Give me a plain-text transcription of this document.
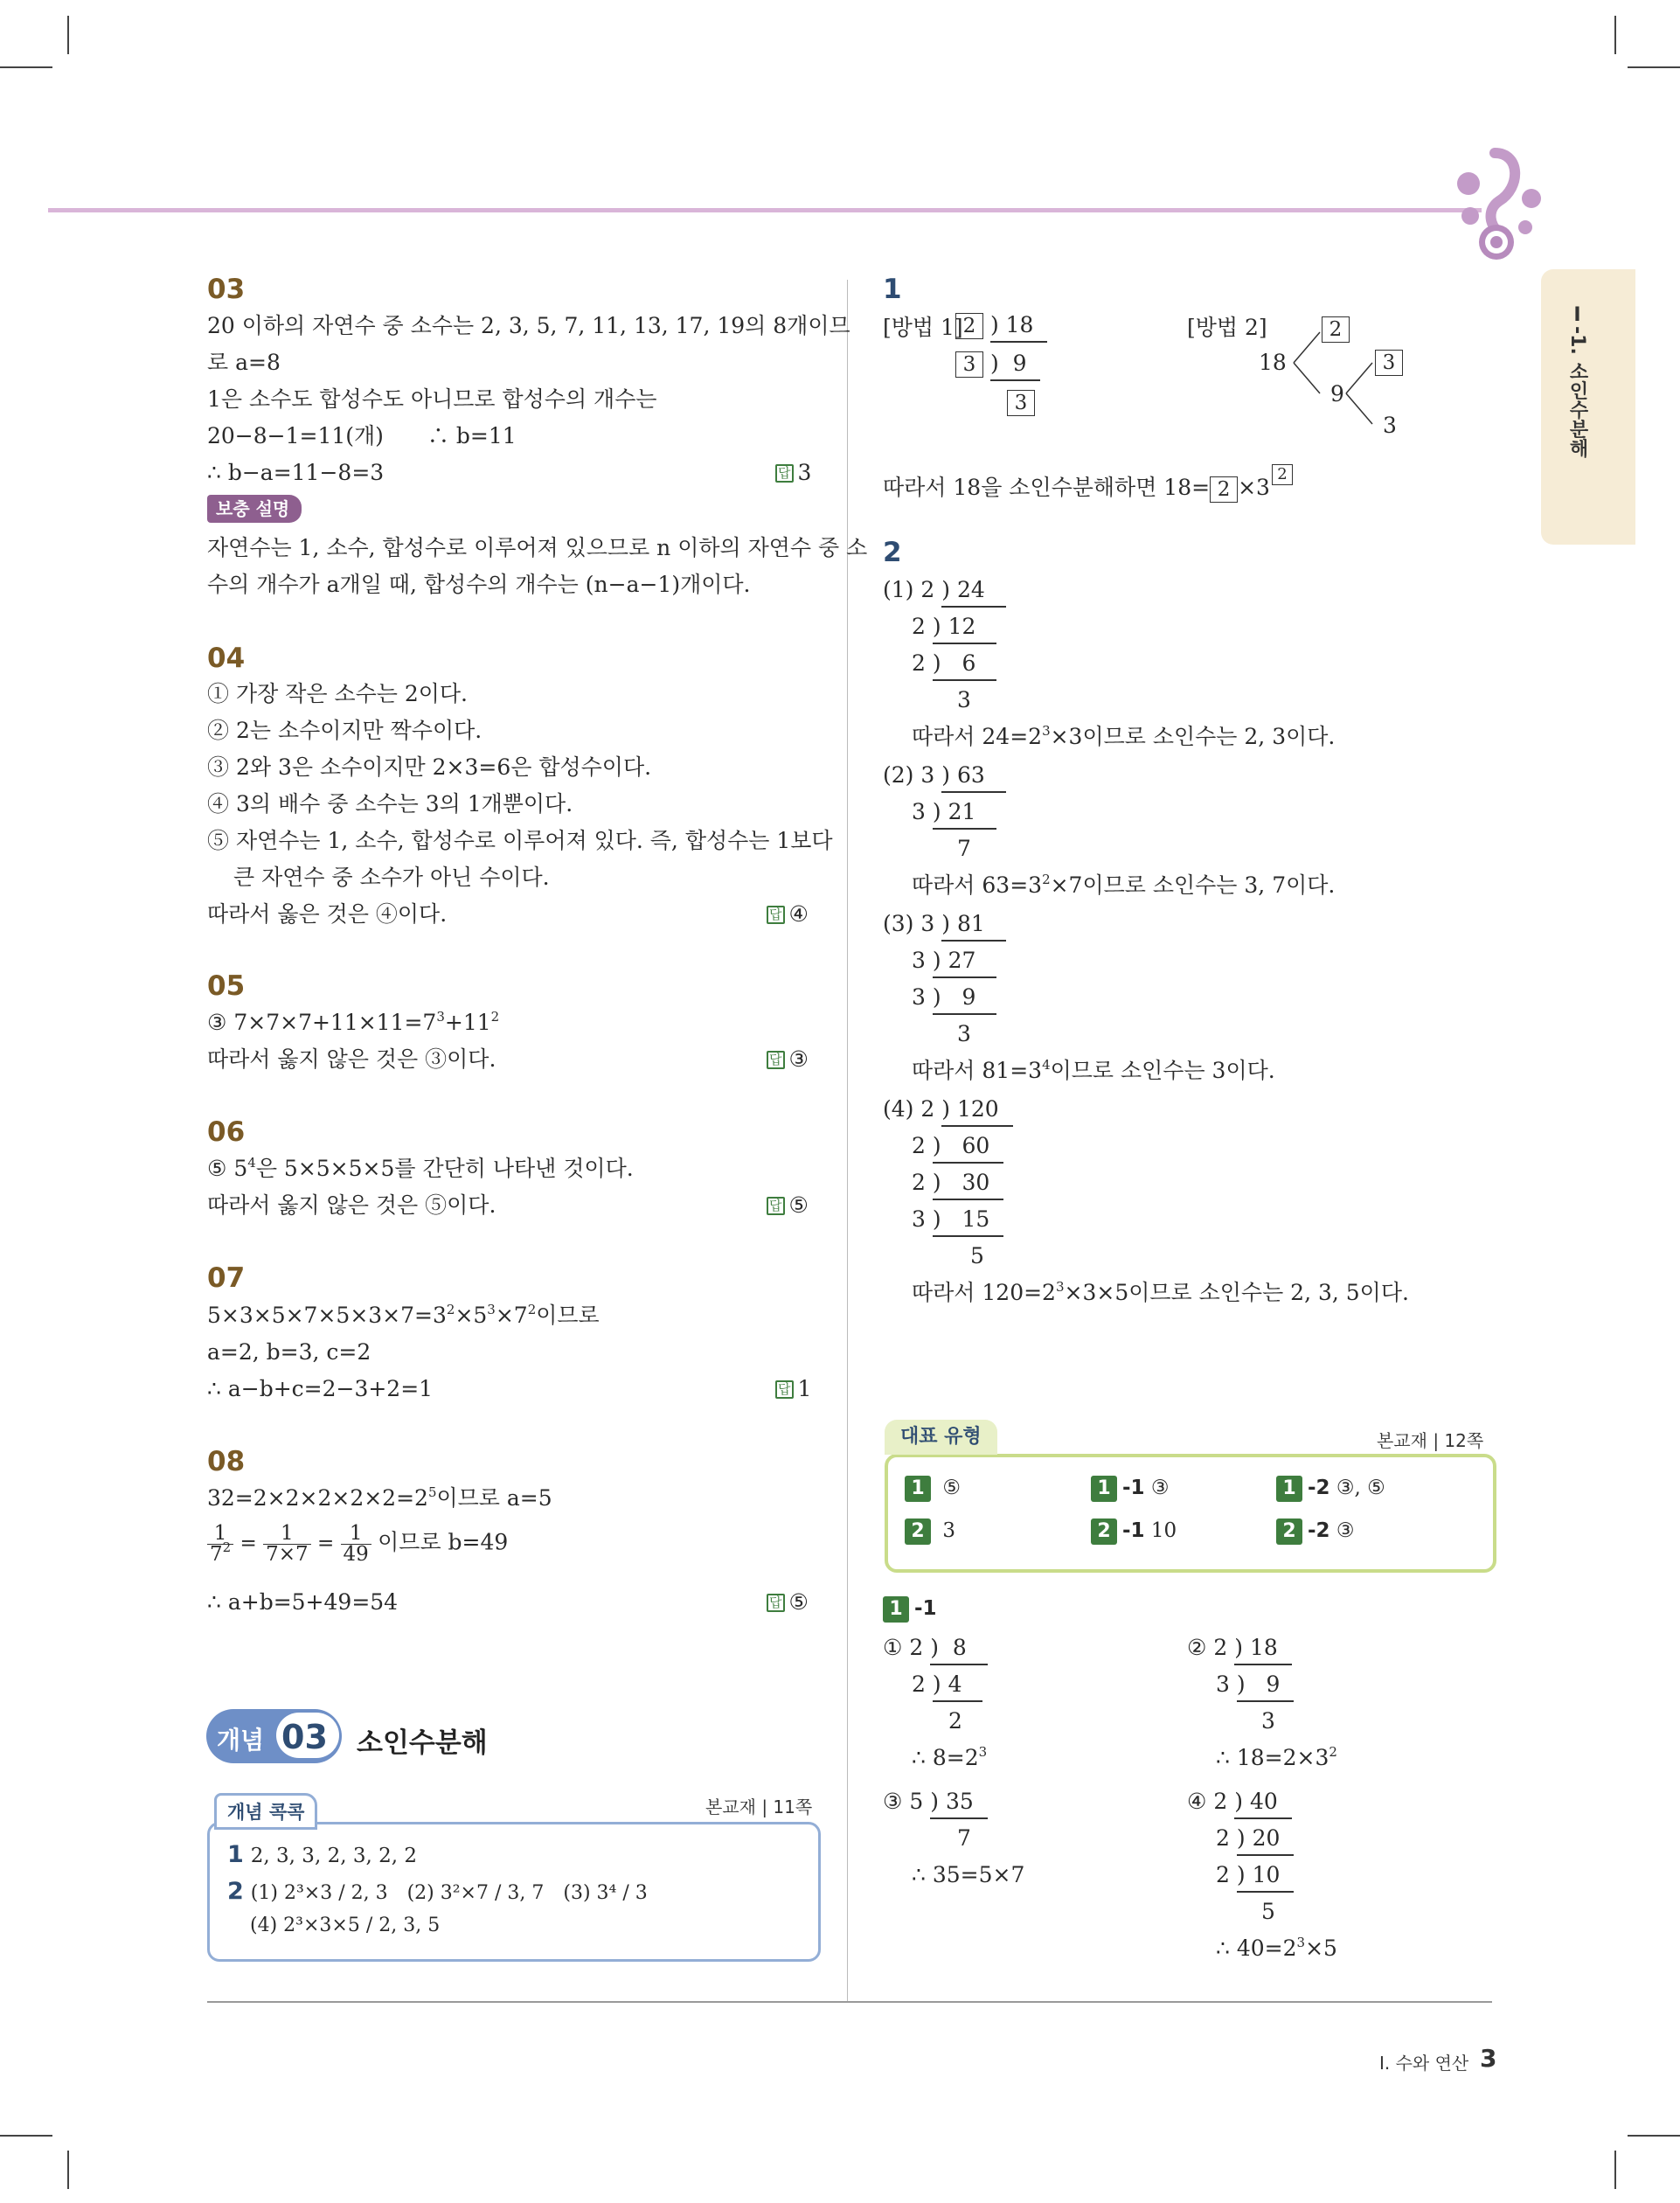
Ⅰ-1. 소인수분해
03
20 이하의 자연수 중 소수는 2, 3, 5, 7, 11, 13, 17, 19의 8개이므
로 a=8
1은 소수도 합성수도 아니므로 합성수의 개수는
20−8−1=11(개)　　∴ b=11
∴ b−a=11−8=3	답 3
보충 설명
자연수는 1, 소수, 합성수로 이루어져 있으므로 n 이하의 자연수 중 소
수의 개수가 a개일 때, 합성수의 개수는 (n−a−1)개이다.
04
① 가장 작은 소수는 2이다.
② 2는 소수이지만 짝수이다.
③ 2와 3은 소수이지만 2×3=6은 합성수이다.
④ 3의 배수 중 소수는 3의 1개뿐이다.
⑤ 자연수는 1, 소수, 합성수로 이루어져 있다. 즉, 합성수는 1보다
큰 자연수 중 소수가 아닌 수이다.
따라서 옳은 것은 ④이다.	답 ④
05
③ $7\times 7\times 7+11\times 11=7^3+11^2$
따라서 옳지 않은 것은 ③이다.	답 ③
06
⑤ $5^4$은 5×5×5×5를 간단히 나타낸 것이다.
따라서 옳지 않은 것은 ⑤이다.	답 ⑤
07
$5\times 3\times 5\times 7\times 5\times 3\times 7=3^2\times 5^3\times 7^2$이므로
a=2, b=3, c=2
∴ a−b+c=2−3+2=1	답 1
08
$32=2\times 2\times 2\times 2\times 2=2^5$이므로 a=5
$\frac{1}{7^2} = \frac{1}{7\times 7} = \frac{1}{49}$ 이므로 b=49
∴ a+b=5+49=54	답 ⑤
개념 03 소인수분해
개념 콕콕	본교재 | 11쪽
1 2, 3, 3, 2, 3, 2, 2
2 (1) 2³×3 / 2, 3　(2) 3²×7 / 3, 7　(3) 3⁴ / 3
(4) 2³×3×5 / 2, 3, 5
1
[방법 1] 2 ) 18
3 )  9
3
[방법 2]
18
2
9
3
3
따라서 18을 소인수분해하면 18= 2 ×32
2
(1) 2 ) 24
2 ) 12
2 )   6
3
따라서 $24=2^3\times 3$이므로 소인수는 2, 3이다.
(2) 3 ) 63
3 ) 21
7
따라서 $63=3^2\times 7$이므로 소인수는 3, 7이다.
(3) 3 ) 81
3 ) 27
3 )   9
3
따라서 $81=3^4$이므로 소인수는 3이다.
(4) 2 ) 120
2 )   60
2 )   30
3 )   15
5
따라서 $120=2^3\times 3\times 5$이므로 소인수는 2, 3, 5이다.
대표 유형	본교재 | 12쪽
1 ⑤	1 -1 ③	1 -2 ③, ⑤
2 3	2 -1 10	2 -2 ③
1 -1
① 2 )  8
2 ) 4
2
∴ $8=2^3$
② 2 ) 18
3 )   9
3
∴ $18=2\times 3^2$
③ 5 ) 35
7
∴ 35=5×7
④ 2 ) 40
2 ) 20
2 ) 10
5
∴ $40=2^3\times 5$
Ⅰ. 수와 연산 3
